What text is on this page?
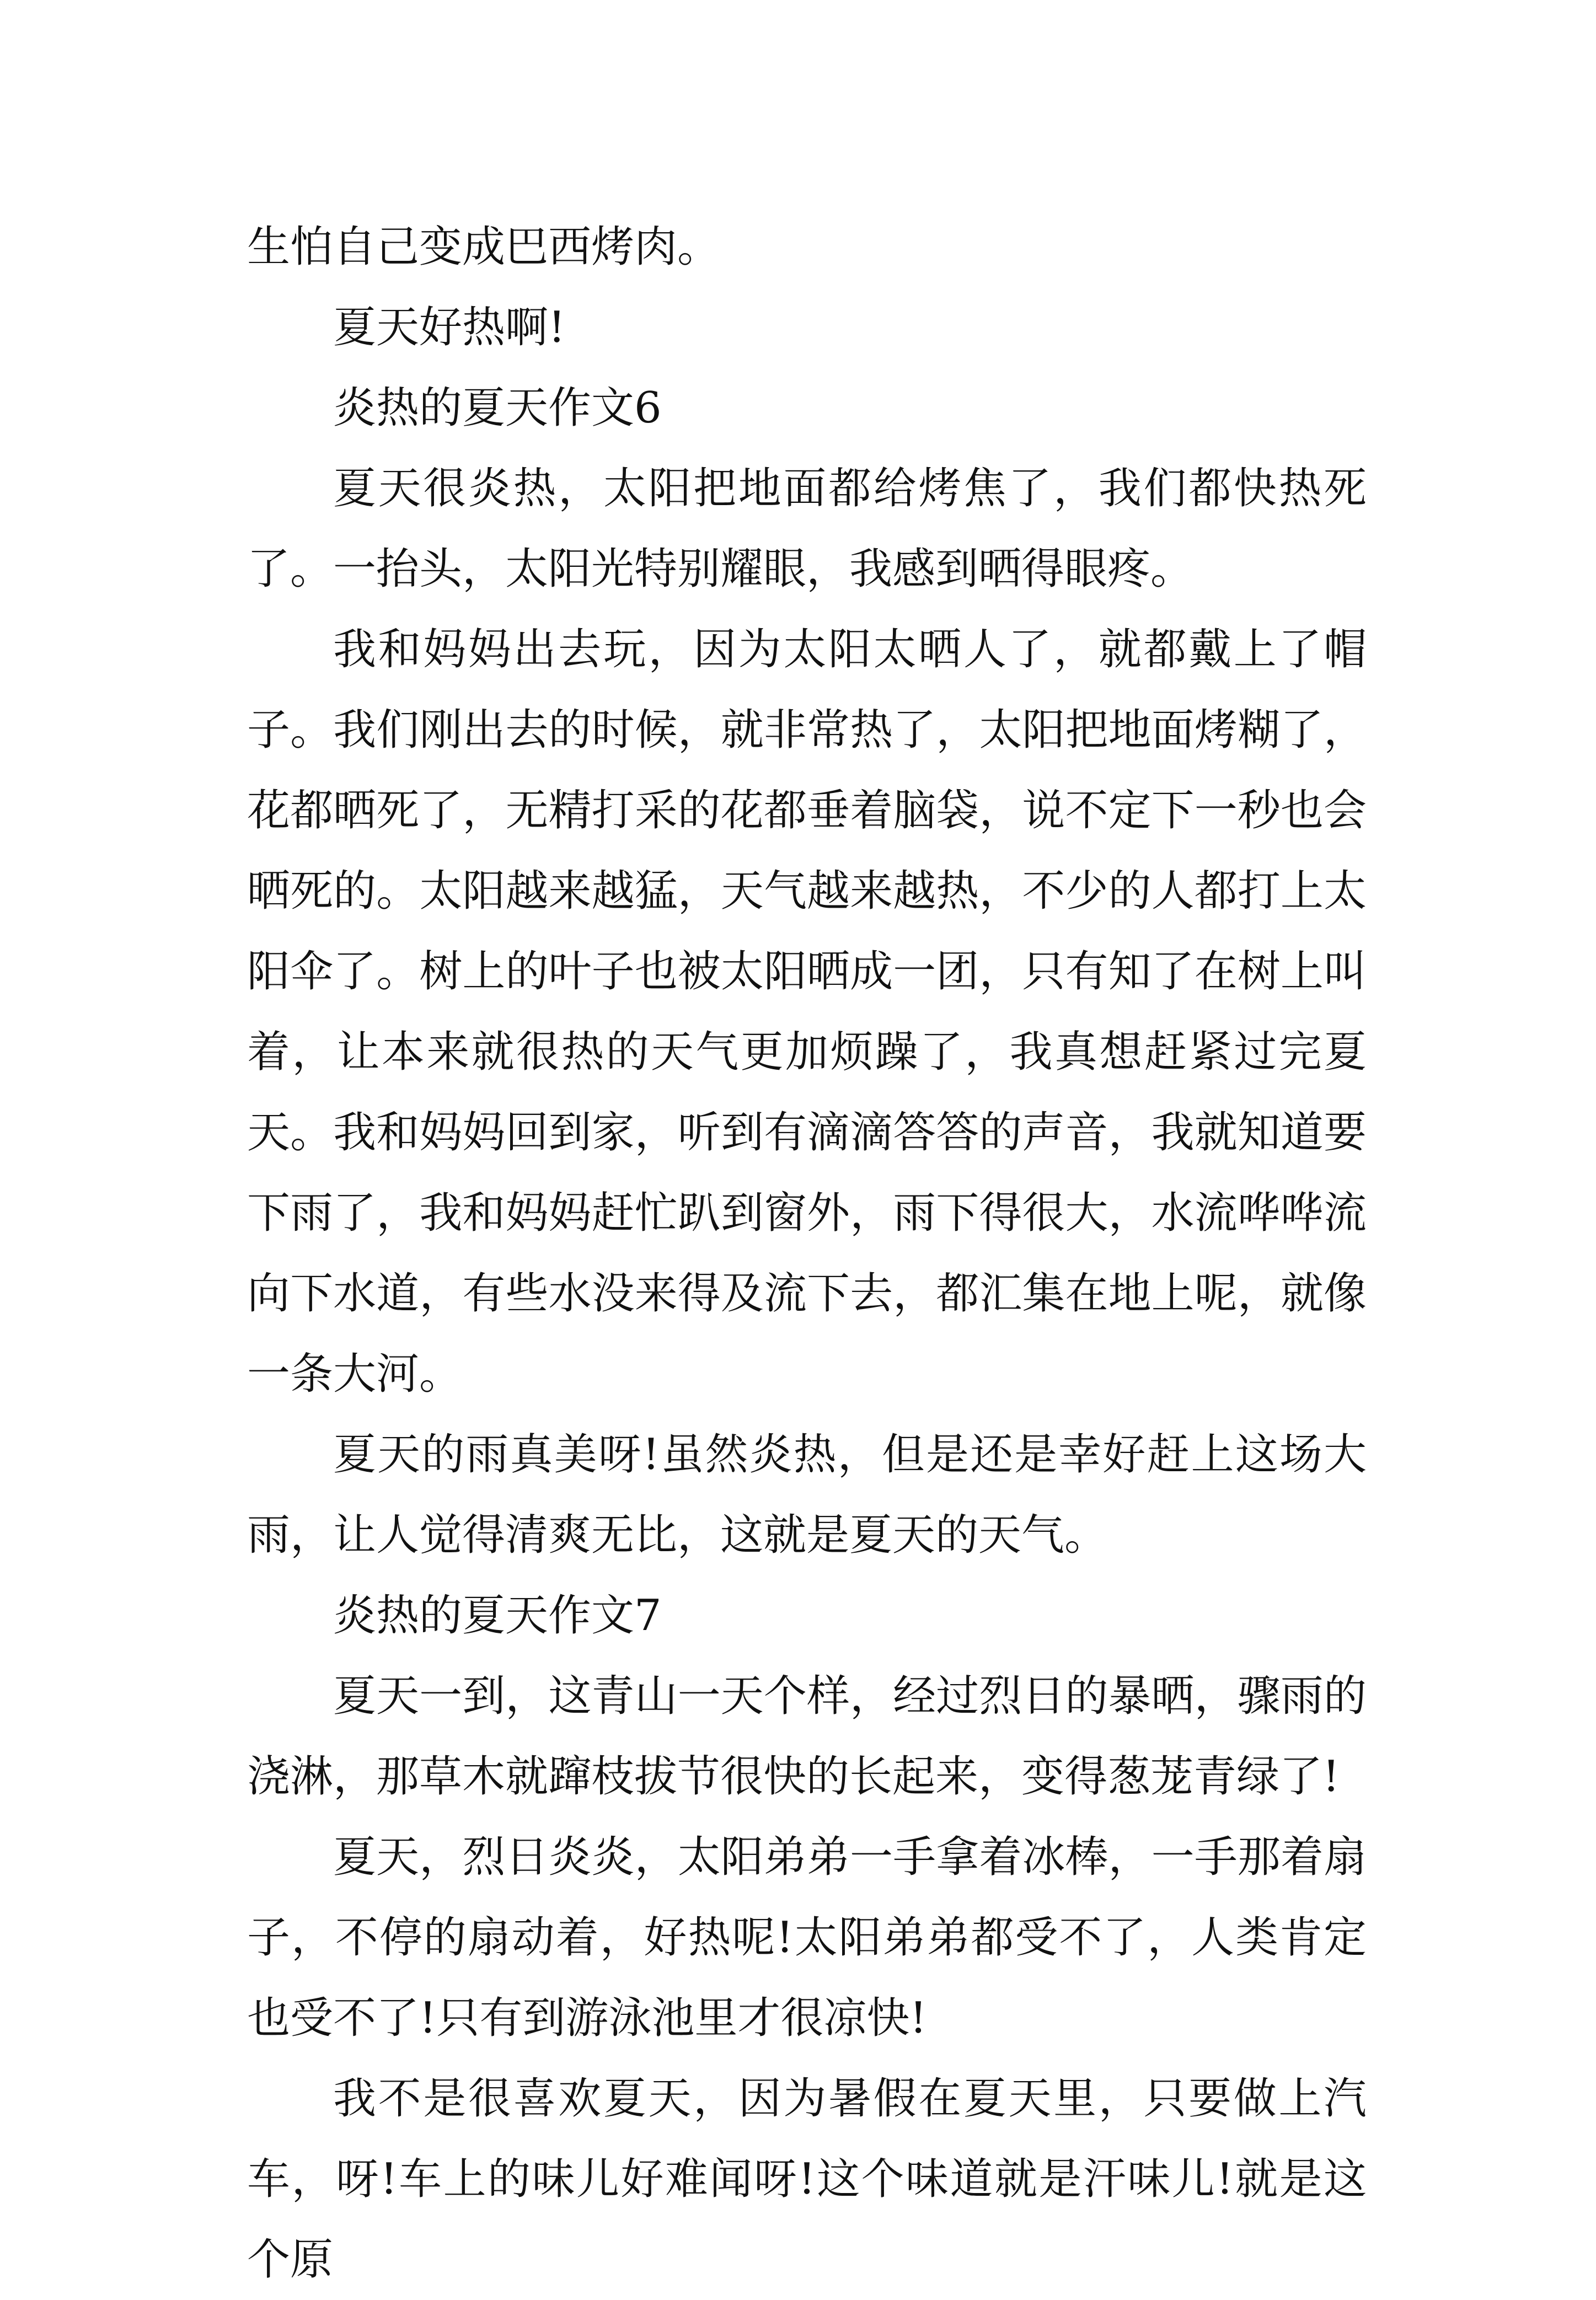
生怕自己变成巴西烤肉。

夏天好热啊!

炎热的夏天作文6

夏天很炎热，太阳把地面都给烤焦了，我们都快热死了。一抬头，太阳光特别耀眼，我感到晒得眼疼。

我和妈妈出去玩，因为太阳太晒人了，就都戴上了帽子。我们刚出去的时候，就非常热了，太阳把地面烤糊了，花都晒死了，无精打采的花都垂着脑袋，说不定下一秒也会晒死的。太阳越来越猛，天气越来越热，不少的人都打上太阳伞了。树上的叶子也被太阳晒成一团，只有知了在树上叫着，让本来就很热的天气更加烦躁了，我真想赶紧过完夏天。我和妈妈回到家，听到有滴滴答答的声音，我就知道要下雨了，我和妈妈赶忙趴到窗外，雨下得很大，水流哗哗流向下水道，有些水没来得及流下去，都汇集在地上呢，就像一条大河。

夏天的雨真美呀!虽然炎热，但是还是幸好赶上这场大雨，让人觉得清爽无比，这就是夏天的天气。

炎热的夏天作文7

夏天一到，这青山一天个样，经过烈日的暴晒，骤雨的浇淋，那草木就蹿枝拔节很快的长起来，变得葱茏青绿了!

夏天，烈日炎炎，太阳弟弟一手拿着冰棒，一手那着扇子，不停的扇动着，好热呢!太阳弟弟都受不了，人类肯定也受不了!只有到游泳池里才很凉快!

我不是很喜欢夏天，因为暑假在夏天里，只要做上汽车，呀!车上的味儿好难闻呀!这个味道就是汗味儿!就是这个原
